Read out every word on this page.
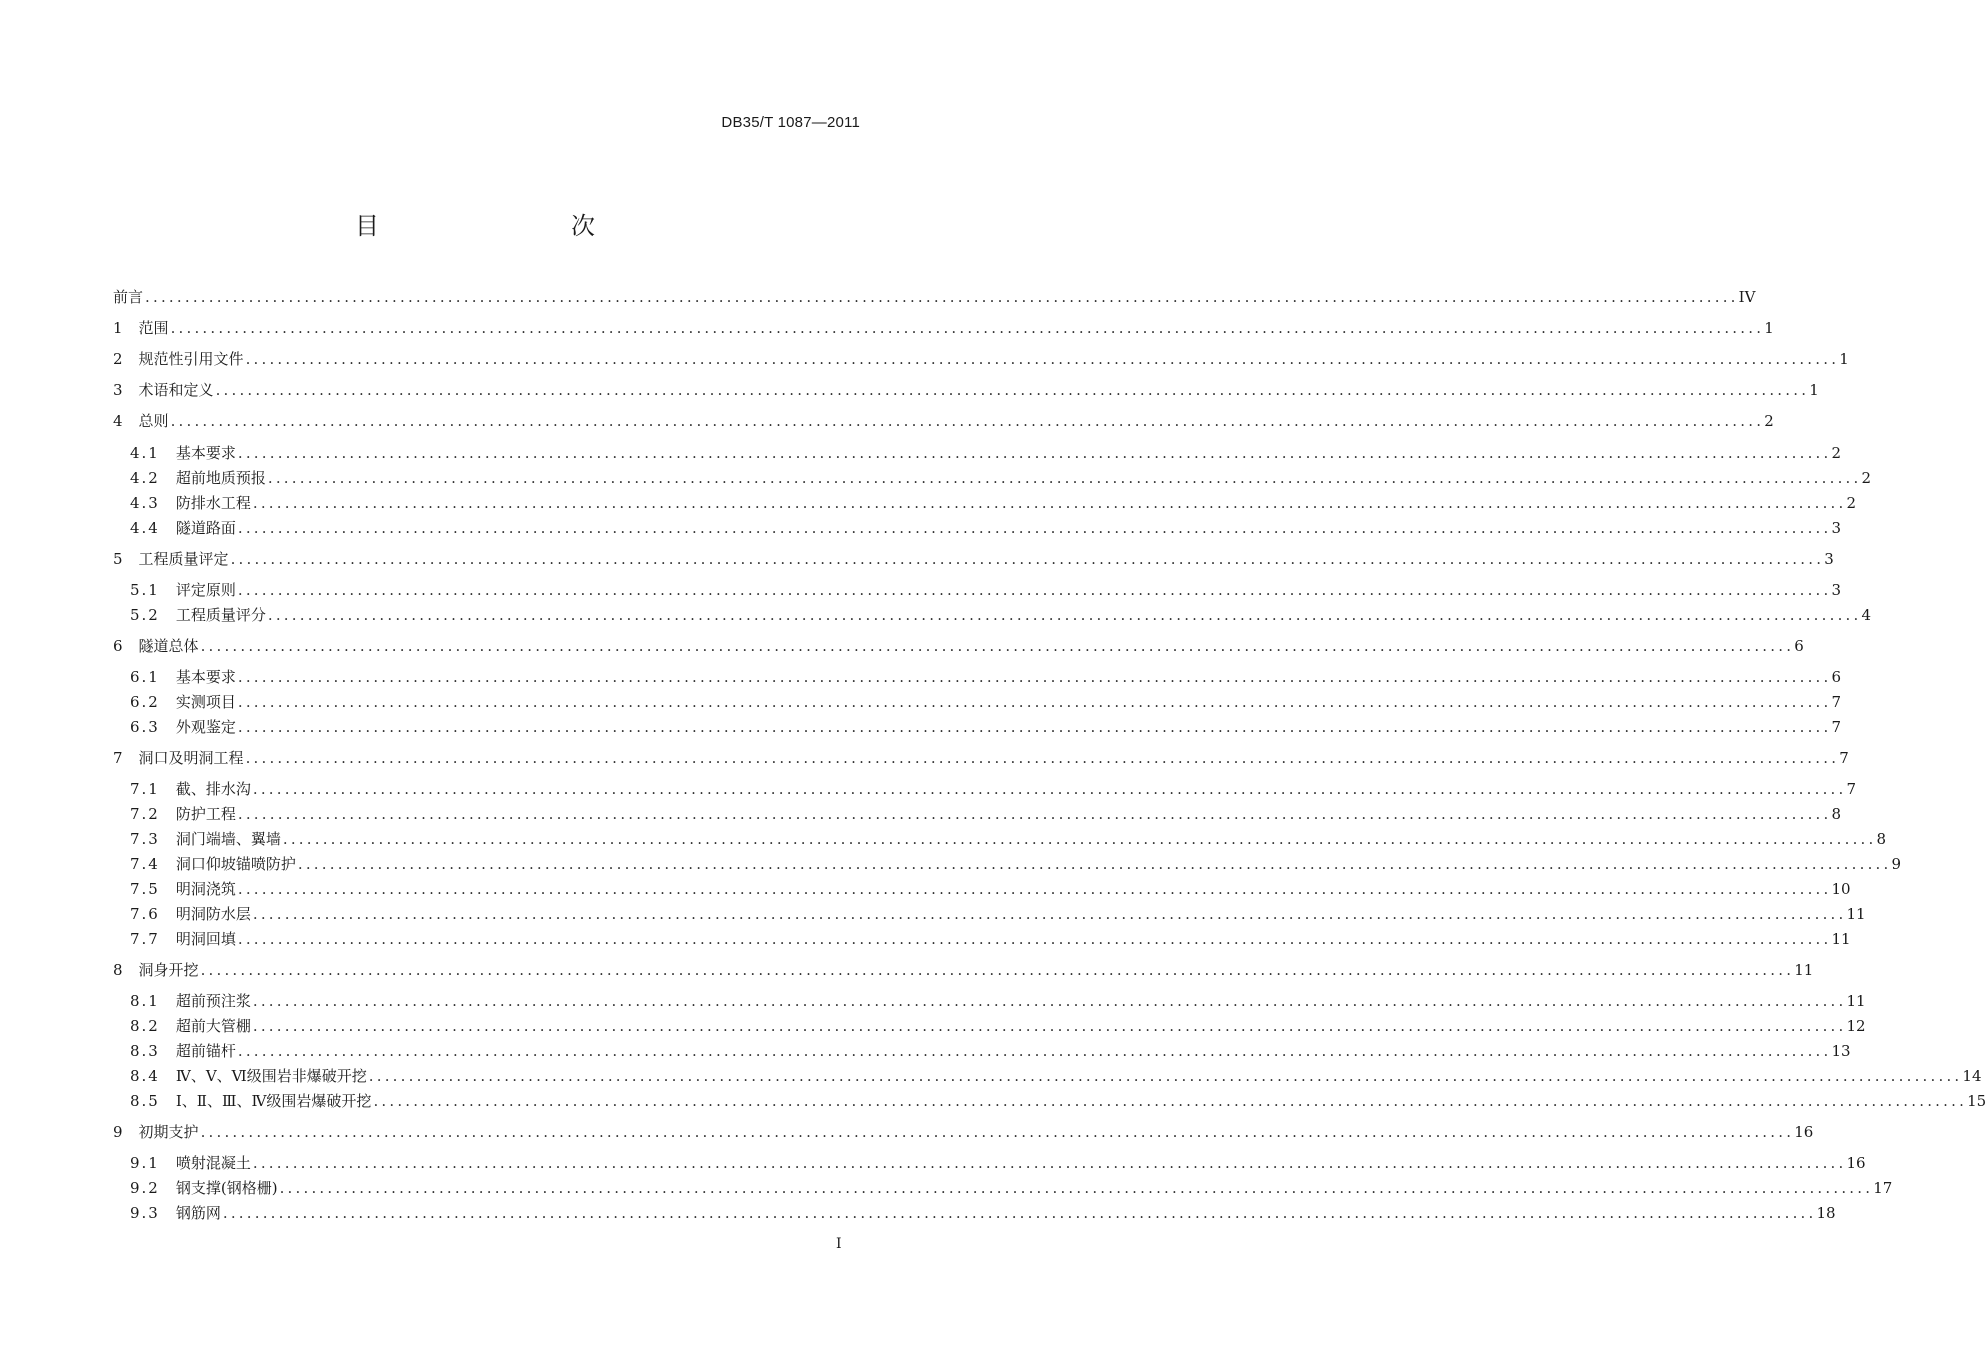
DB35/T 1087—2011
目　　次
前言 ........................................................................................................................................................................................................ IV
1 范围 ........................................................................................................................................................................................................ 1
2 规范性引用文件 ........................................................................................................................................................................................................ 1
3 术语和定义 ........................................................................................................................................................................................................ 1
4 总则 ........................................................................................................................................................................................................ 2
4.1 基本要求 ........................................................................................................................................................................................................ 2
4.2 超前地质预报 ........................................................................................................................................................................................................ 2
4.3 防排水工程 ........................................................................................................................................................................................................ 2
4.4 隧道路面 ........................................................................................................................................................................................................ 3
5 工程质量评定 ........................................................................................................................................................................................................ 3
5.1 评定原则 ........................................................................................................................................................................................................ 3
5.2 工程质量评分 ........................................................................................................................................................................................................ 4
6 隧道总体 ........................................................................................................................................................................................................ 6
6.1 基本要求 ........................................................................................................................................................................................................ 6
6.2 实测项目 ........................................................................................................................................................................................................ 7
6.3 外观鉴定 ........................................................................................................................................................................................................ 7
7 洞口及明洞工程 ........................................................................................................................................................................................................ 7
7.1 截、排水沟 ........................................................................................................................................................................................................ 7
7.2 防护工程 ........................................................................................................................................................................................................ 8
7.3 洞门端墙、翼墙 ........................................................................................................................................................................................................ 8
7.4 洞口仰坡锚喷防护 ........................................................................................................................................................................................................ 9
7.5 明洞浇筑 ........................................................................................................................................................................................................ 10
7.6 明洞防水层 ........................................................................................................................................................................................................ 11
7.7 明洞回填 ........................................................................................................................................................................................................ 11
8 洞身开挖 ........................................................................................................................................................................................................ 11
8.1 超前预注浆 ........................................................................................................................................................................................................ 11
8.2 超前大管棚 ........................................................................................................................................................................................................ 12
8.3 超前锚杆 ........................................................................................................................................................................................................ 13
8.4 Ⅳ、Ⅴ、Ⅵ级围岩非爆破开挖 ........................................................................................................................................................................................................ 14
8.5 Ⅰ、Ⅱ、Ⅲ、Ⅳ级围岩爆破开挖 ........................................................................................................................................................................................................ 15
9 初期支护 ........................................................................................................................................................................................................ 16
9.1 喷射混凝土 ........................................................................................................................................................................................................ 16
9.2 钢支撑(钢格栅) ........................................................................................................................................................................................................ 17
9.3 钢筋网 ........................................................................................................................................................................................................ 18
I
